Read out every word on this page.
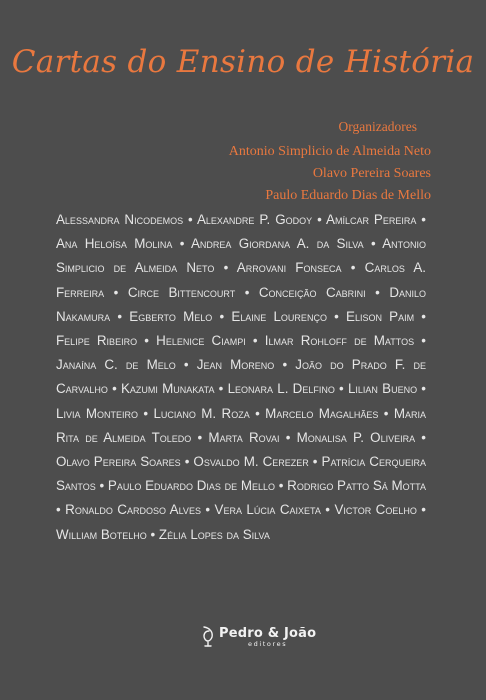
Cartas do Ensino de História
Organizadores
Antonio Simplicio de Almeida Neto
Olavo Pereira Soares
Paulo Eduardo Dias de Mello
Alessandra Nicodemos • Alexandre P. Godoy • Amílcar Pereira • Ana Heloísa Molina • Andrea Giordana A. da Silva • Antonio Simplicio de Almeida Neto • Arrovani Fonseca • Carlos A. Ferreira • Circe Bittencourt • Conceição Cabrini • Danilo Nakamura • Egberto Melo • Elaine Lourenço • Elison Paim • Felipe Ribeiro • Helenice Ciampi • Ilmar Rohloff de Mattos • Janaína C. de Melo • Jean Moreno • João do Prado F. de Carvalho • Kazumi Munakata • Leonara L. Delfino • Lilian Bueno • Livia Monteiro • Luciano M. Roza • Marcelo Magalhães • Maria Rita de Almeida Toledo • Marta Rovai • Monalisa P. Oliveira • Olavo Pereira Soares • Osvaldo M. Cerezer • Patrícia Cerqueira Santos • Paulo Eduardo Dias de Mello • Rodrigo Patto Sá Motta • Ronaldo Cardoso Alves • Vera Lúcia Caixeta • Victor Coelho • William Botelho • Zélia Lopes da Silva
Pedro & João
editores
